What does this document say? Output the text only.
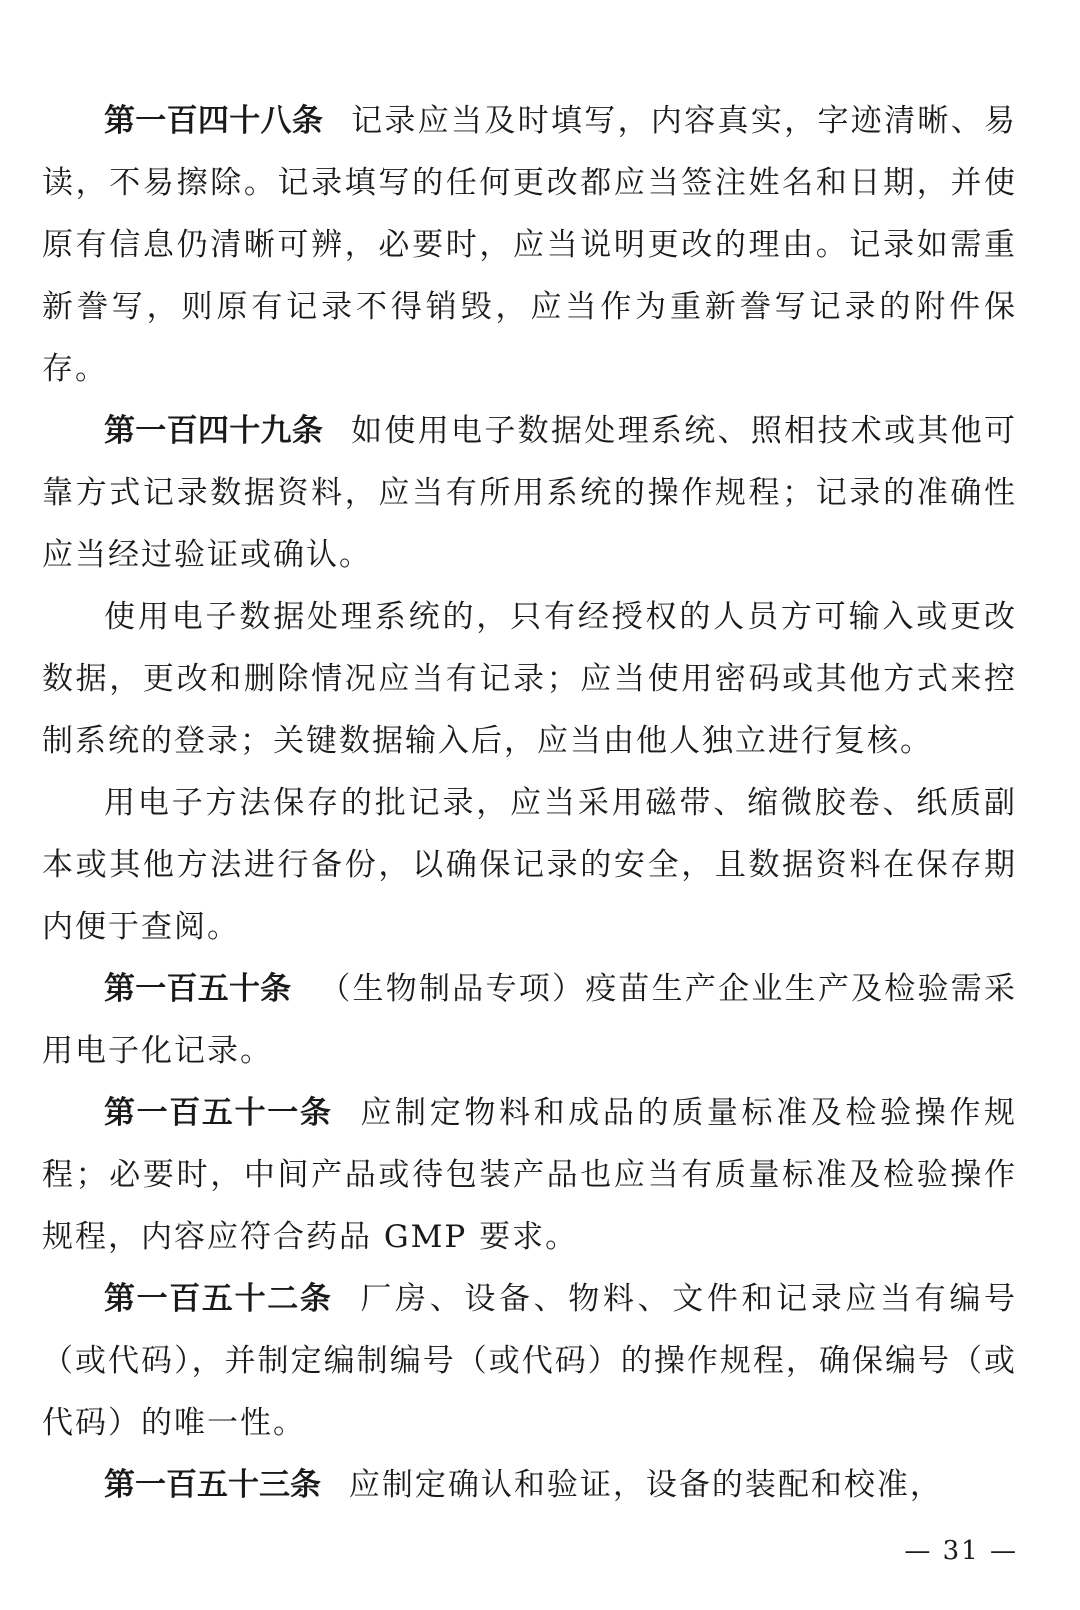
第一百四十八条 记录应当及时填写，内容真实，字迹清晰、易读，不易擦除。记录填写的任何更改都应当签注姓名和日期，并使原有信息仍清晰可辨，必要时，应当说明更改的理由。记录如需重新誊写，则原有记录不得销毁，应当作为重新誊写记录的附件保存。

第一百四十九条 如使用电子数据处理系统、照相技术或其他可靠方式记录数据资料，应当有所用系统的操作规程；记录的准确性应当经过验证或确认。

使用电子数据处理系统的，只有经授权的人员方可输入或更改数据，更改和删除情况应当有记录；应当使用密码或其他方式来控制系统的登录；关键数据输入后，应当由他人独立进行复核。

用电子方法保存的批记录，应当采用磁带、缩微胶卷、纸质副本或其他方法进行备份，以确保记录的安全，且数据资料在保存期内便于查阅。

第一百五十条 （生物制品专项）疫苗生产企业生产及检验需采用电子化记录。

第一百五十一条 应制定物料和成品的质量标准及检验操作规程；必要时，中间产品或待包装产品也应当有质量标准及检验操作规程，内容应符合药品 GMP 要求。

第一百五十二条 厂房、设备、物料、文件和记录应当有编号（或代码），并制定编制编号（或代码）的操作规程，确保编号（或代码）的唯一性。

第一百五十三条 应制定确认和验证，设备的装配和校准，

— 31 —
